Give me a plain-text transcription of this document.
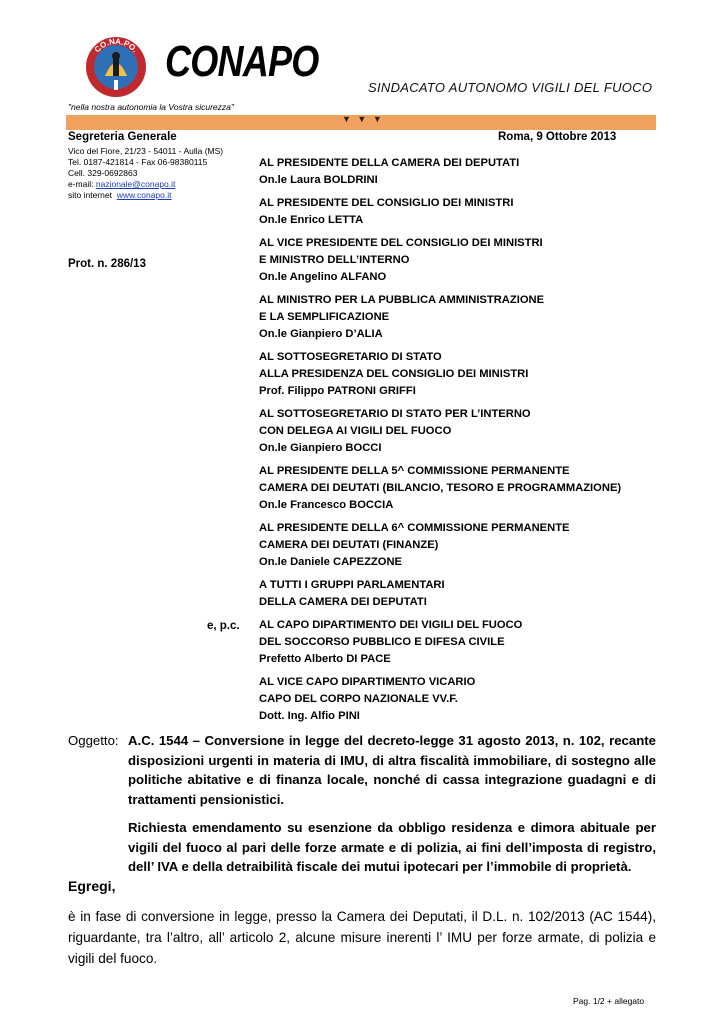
CO.NA.PO. CONAPO
SINDACATO AUTONOMO VIGILI DEL FUOCO
"nella nostra autonomia la Vostra sicurezza"
▼ ▼ ▼
Segreteria Generale
Vico del Fiore, 21/23 - 54011 - Aulla (MS)
Tel. 0187-421814 - Fax 06-98380115
Cell. 329-0692863
e-mail: nazionale@conapo.it
sito internet www.conapo.it
Roma, 9 Ottobre 2013
Prot. n. 286/13
e, p.c.
AL PRESIDENTE DELLA CAMERA DEI DEPUTATI
On.le Laura BOLDRINI
AL PRESIDENTE DEL CONSIGLIO DEI MINISTRI
On.le Enrico LETTA
AL VICE PRESIDENTE DEL CONSIGLIO DEI MINISTRI
E MINISTRO DELL’INTERNO
On.le Angelino ALFANO
AL MINISTRO PER LA PUBBLICA AMMINISTRAZIONE
E LA SEMPLIFICAZIONE
On.le Gianpiero D’ALIA
AL SOTTOSEGRETARIO DI STATO
ALLA PRESIDENZA DEL CONSIGLIO DEI MINISTRI
Prof. Filippo PATRONI GRIFFI
AL SOTTOSEGRETARIO DI STATO PER L’INTERNO
CON DELEGA AI VIGILI DEL FUOCO
On.le Gianpiero BOCCI
AL PRESIDENTE DELLA 5^ COMMISSIONE PERMANENTE
CAMERA DEI DEUTATI (BILANCIO, TESORO E PROGRAMMAZIONE)
On.le Francesco BOCCIA
AL PRESIDENTE DELLA 6^ COMMISSIONE PERMANENTE
CAMERA DEI DEUTATI (FINANZE)
On.le Daniele CAPEZZONE
A TUTTI I GRUPPI PARLAMENTARI
DELLA CAMERA DEI DEPUTATI
AL CAPO DIPARTIMENTO DEI VIGILI DEL FUOCO
DEL SOCCORSO PUBBLICO E DIFESA CIVILE
Prefetto Alberto DI PACE
AL VICE CAPO DIPARTIMENTO VICARIO
CAPO DEL CORPO NAZIONALE VV.F.
Dott. Ing. Alfio PINI
Oggetto: A.C. 1544 – Conversione in legge del decreto-legge 31 agosto 2013, n. 102, recante disposizioni urgenti in materia di IMU, di altra fiscalità immobiliare, di sostegno alle politiche abitative e di finanza locale, nonché di cassa integrazione guadagni e di trattamenti pensionistici.
Richiesta emendamento su esenzione da obbligo residenza e dimora abituale per vigili del fuoco al pari delle forze armate e di polizia, ai fini dell’imposta di registro, dell’ IVA e della detraibilità fiscale dei mutui ipotecari per l’immobile di proprietà.
Egregi,
è in fase di conversione in legge, presso la Camera dei Deputati, il D.L. n. 102/2013 (AC 1544), riguardante, tra l’altro, all’ articolo 2, alcune misure inerenti l’ IMU per forze armate, di polizia e vigili del fuoco.
Pag. 1/2 + allegato
